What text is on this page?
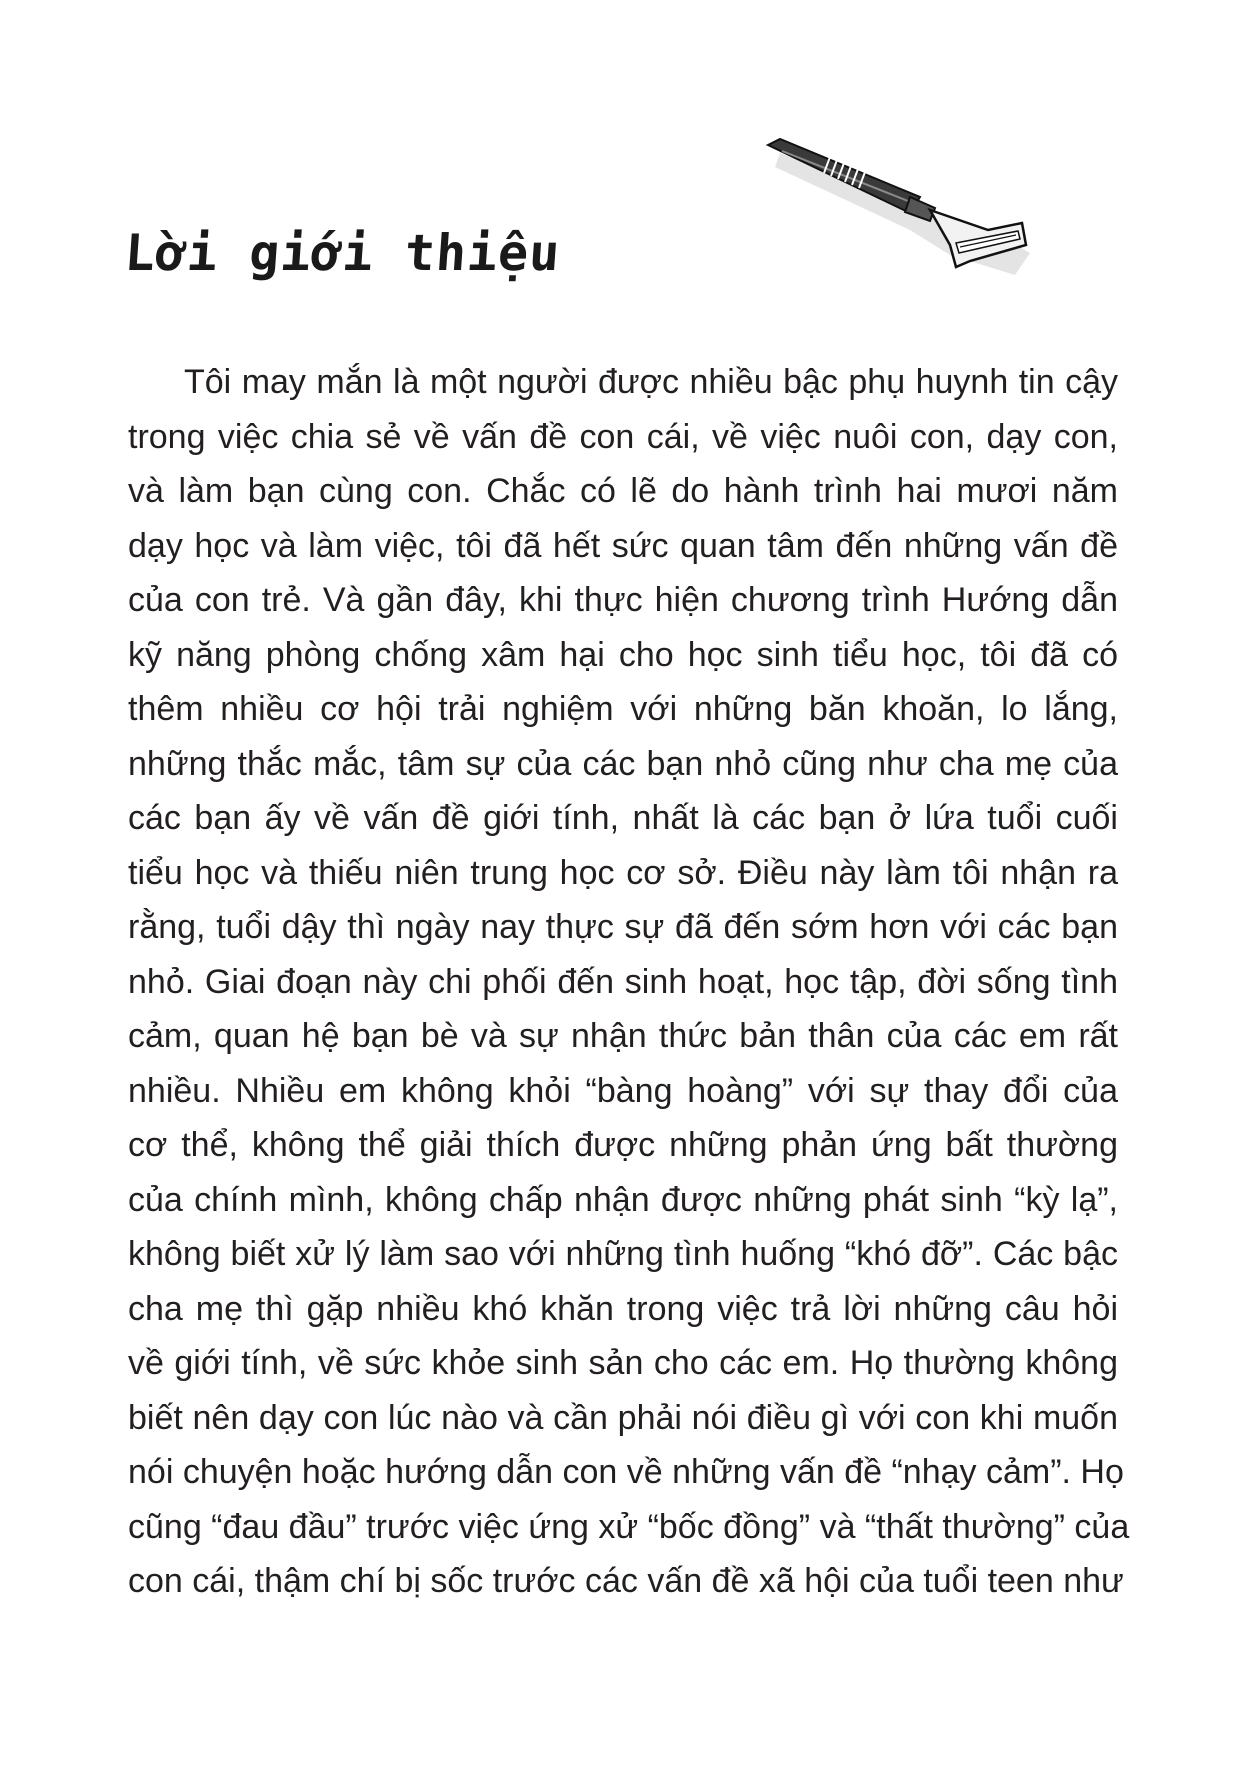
Lời giới thiệu
Tôi may mắn là một người được nhiều bậc phụ huynh tin cậy
trong việc chia sẻ về vấn đề con cái, về việc nuôi con, dạy con,
và làm bạn cùng con. Chắc có lẽ do hành trình hai mươi năm
dạy học và làm việc, tôi đã hết sức quan tâm đến những vấn đề
của con trẻ. Và gần đây, khi thực hiện chương trình Hướng dẫn
kỹ năng phòng chống xâm hại cho học sinh tiểu học, tôi đã có
thêm nhiều cơ hội trải nghiệm với những băn khoăn, lo lắng,
những thắc mắc, tâm sự của các bạn nhỏ cũng như cha mẹ của
các bạn ấy về vấn đề giới tính, nhất là các bạn ở lứa tuổi cuối
tiểu học và thiếu niên trung học cơ sở. Điều này làm tôi nhận ra
rằng, tuổi dậy thì ngày nay thực sự đã đến sớm hơn với các bạn
nhỏ. Giai đoạn này chi phối đến sinh hoạt, học tập, đời sống tình
cảm, quan hệ bạn bè và sự nhận thức bản thân của các em rất
nhiều. Nhiều em không khỏi “bàng hoàng” với sự thay đổi của
cơ thể, không thể giải thích được những phản ứng bất thường
của chính mình, không chấp nhận được những phát sinh “kỳ lạ”,
không biết xử lý làm sao với những tình huống “khó đỡ”. Các bậc
cha mẹ thì gặp nhiều khó khăn trong việc trả lời những câu hỏi
về giới tính, về sức khỏe sinh sản cho các em. Họ thường không
biết nên dạy con lúc nào và cần phải nói điều gì với con khi muốn
nói chuyện hoặc hướng dẫn con về những vấn đề “nhạy cảm”. Họ
cũng “đau đầu” trước việc ứng xử “bốc đồng” và “thất thường” của
con cái, thậm chí bị sốc trước các vấn đề xã hội của tuổi teen như
